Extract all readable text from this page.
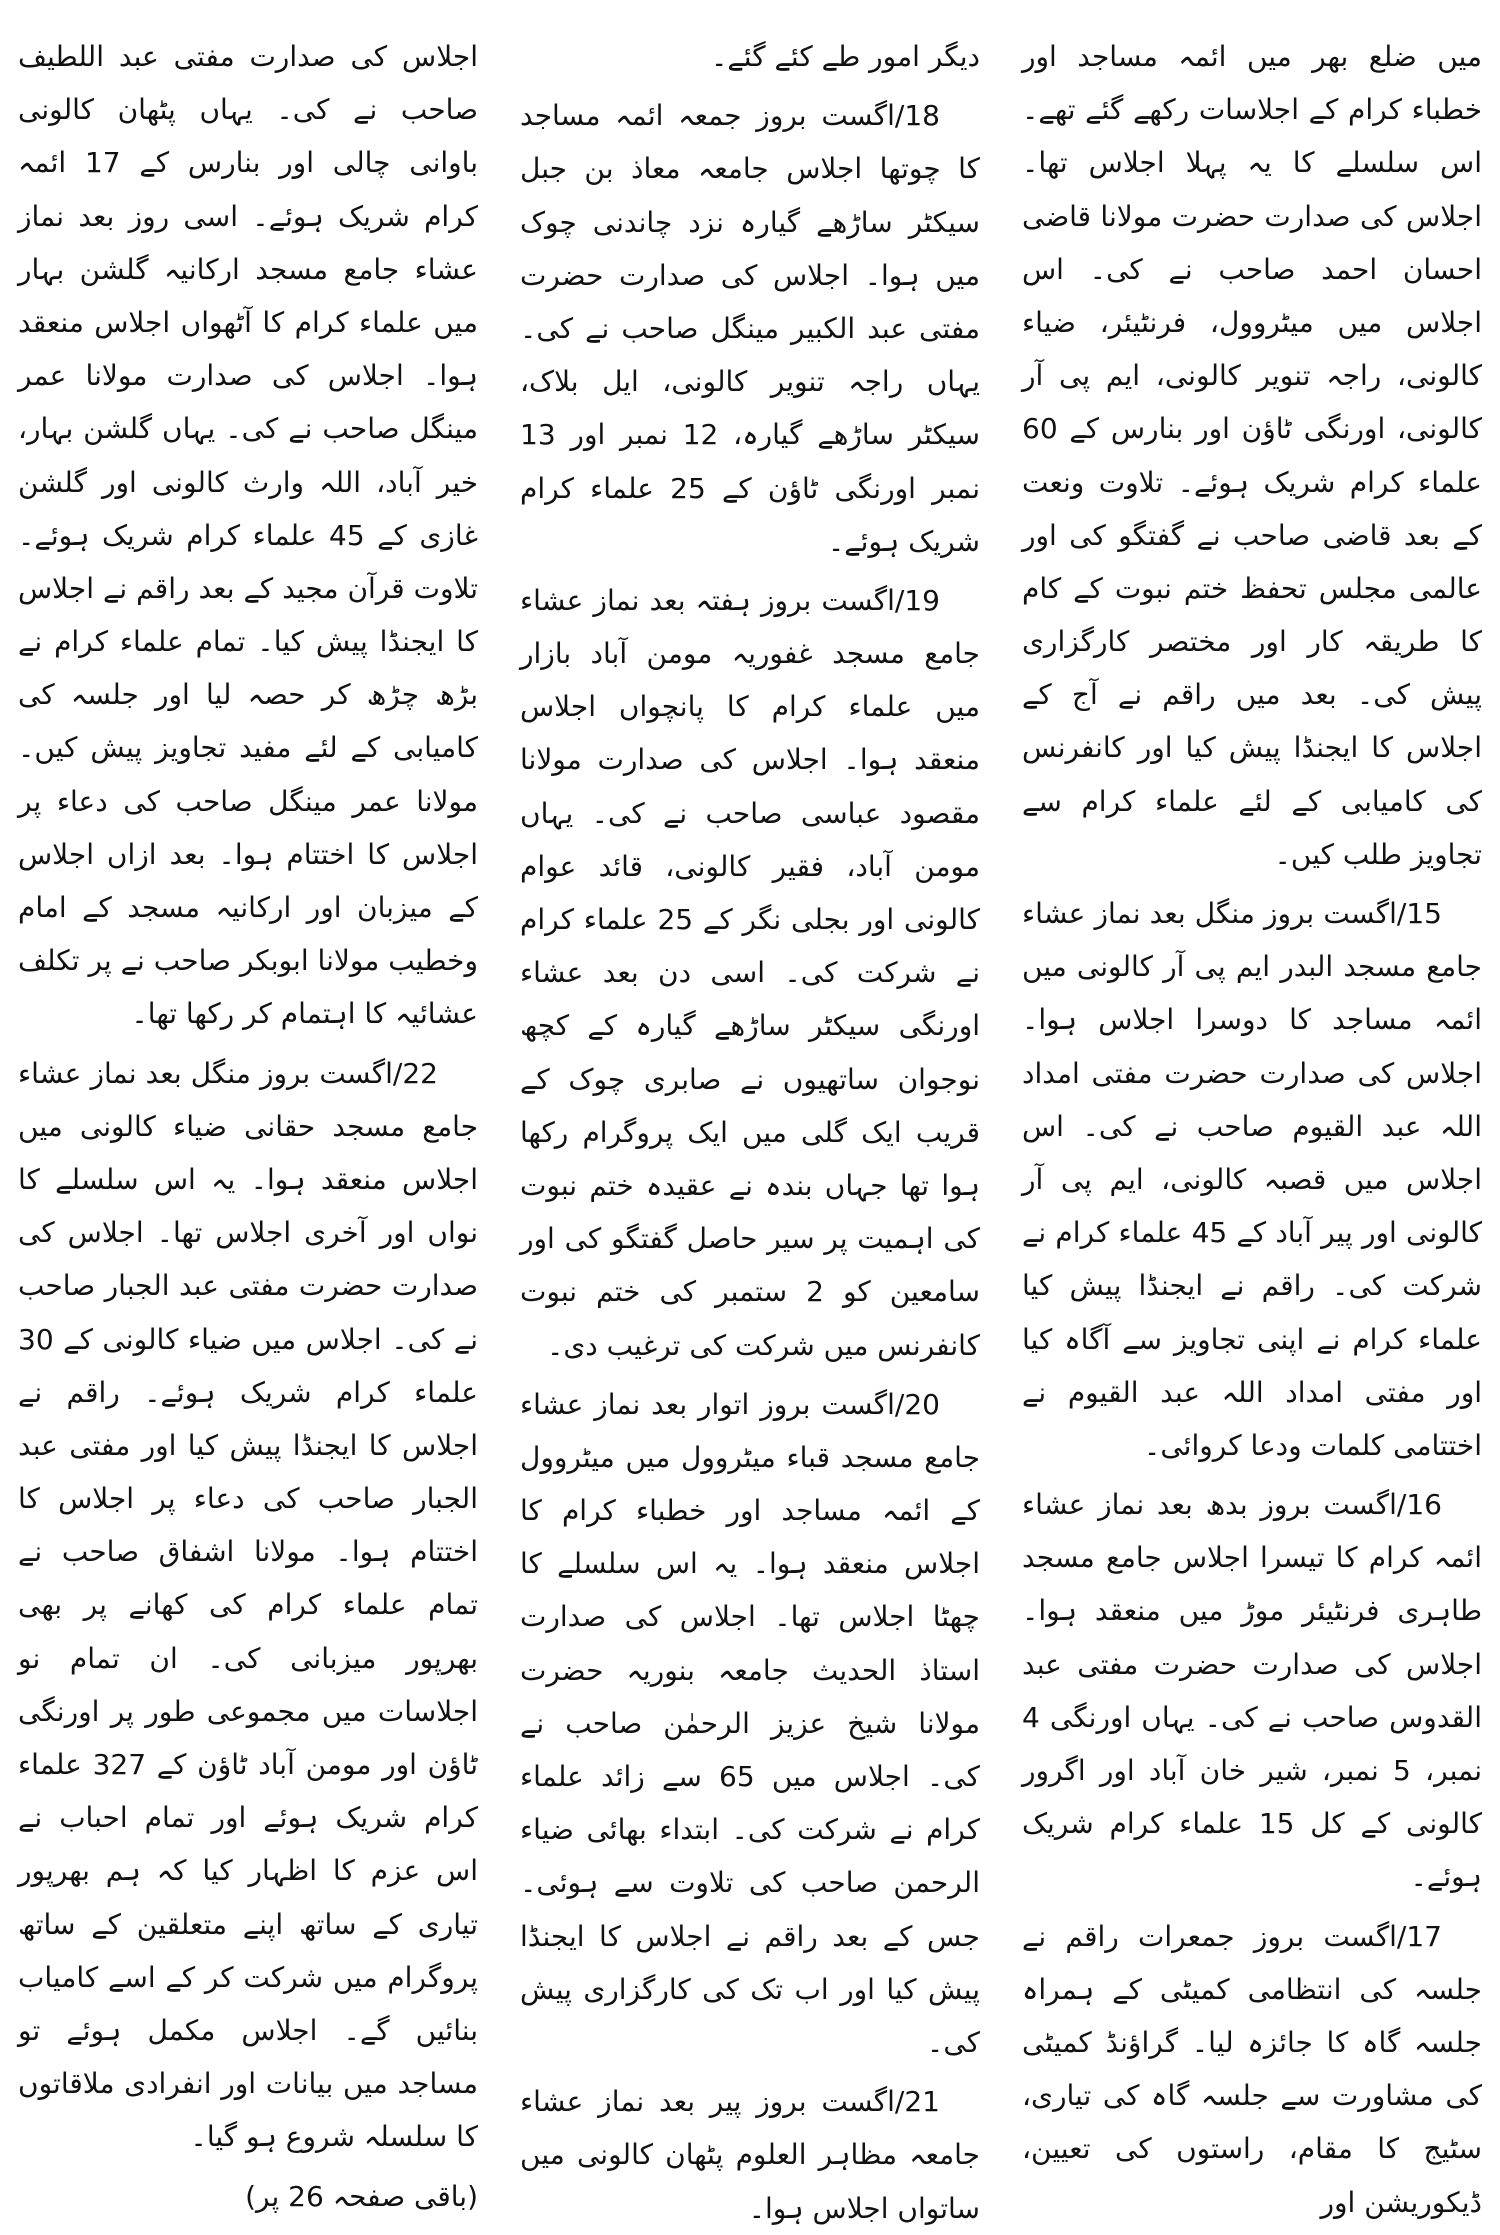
میں ضلع بھر میں ائمہ مساجد اور خطباء کرام کے اجلاسات رکھے گئے تھے۔ اس سلسلے کا یہ پہلا اجلاس تھا۔ اجلاس کی صدارت حضرت مولانا قاضی احسان احمد صاحب نے کی۔ اس اجلاس میں میٹروول، فرنٹیئر، ضیاء کالونی، راجہ تنویر کالونی، ایم پی آر کالونی، اورنگی ٹاؤن اور بنارس کے 60 علماء کرام شریک ہوئے۔ تلاوت ونعت کے بعد قاضی صاحب نے گفتگو کی اور عالمی مجلس تحفظ ختم نبوت کے کام کا طریقہ کار اور مختصر کارگزاری پیش کی۔ بعد میں راقم نے آج کے اجلاس کا ایجنڈا پیش کیا اور کانفرنس کی کامیابی کے لئے علماء کرام سے تجاویز طلب کیں۔

15/اگست بروز منگل بعد نماز عشاء جامع مسجد البدر ایم پی آر کالونی میں ائمہ مساجد کا دوسرا اجلاس ہوا۔ اجلاس کی صدارت حضرت مفتی امداد اللہ عبد القیوم صاحب نے کی۔ اس اجلاس میں قصبہ کالونی، ایم پی آر کالونی اور پیر آباد کے 45 علماء کرام نے شرکت کی۔ راقم نے ایجنڈا پیش کیا علماء کرام نے اپنی تجاویز سے آگاہ کیا اور مفتی امداد اللہ عبد القیوم نے اختتامی کلمات ودعا کروائی۔

16/اگست بروز بدھ بعد نماز عشاء ائمہ کرام کا تیسرا اجلاس جامع مسجد طاہری فرنٹیئر موڑ میں منعقد ہوا۔ اجلاس کی صدارت حضرت مفتی عبد القدوس صاحب نے کی۔ یہاں اورنگی 4 نمبر، 5 نمبر، شیر خان آباد اور اگرور کالونی کے کل 15 علماء کرام شریک ہوئے۔

17/اگست بروز جمعرات راقم نے جلسہ کی انتظامی کمیٹی کے ہمراہ جلسہ گاہ کا جائزہ لیا۔ گراؤنڈ کمیٹی کی مشاورت سے جلسہ گاہ کی تیاری، سٹیج کا مقام، راستوں کی تعیین، ڈیکوریشن اور

دیگر امور طے کئے گئے۔

18/اگست بروز جمعہ ائمہ مساجد کا چوتھا اجلاس جامعہ معاذ بن جبل سیکٹر ساڑھے گیارہ نزد چاندنی چوک میں ہوا۔ اجلاس کی صدارت حضرت مفتی عبد الکبیر مینگل صاحب نے کی۔ یہاں راجہ تنویر کالونی، ایل بلاک، سیکٹر ساڑھے گیارہ، 12 نمبر اور 13 نمبر اورنگی ٹاؤن کے 25 علماء کرام شریک ہوئے۔

19/اگست بروز ہفتہ بعد نماز عشاء جامع مسجد غفوریہ مومن آباد بازار میں علماء کرام کا پانچواں اجلاس منعقد ہوا۔ اجلاس کی صدارت مولانا مقصود عباسی صاحب نے کی۔ یہاں مومن آباد، فقیر کالونی، قائد عوام کالونی اور بجلی نگر کے 25 علماء کرام نے شرکت کی۔ اسی دن بعد عشاء اورنگی سیکٹر ساڑھے گیارہ کے کچھ نوجوان ساتھیوں نے صابری چوک کے قریب ایک گلی میں ایک پروگرام رکھا ہوا تھا جہاں بندہ نے عقیدہ ختم نبوت کی اہمیت پر سیر حاصل گفتگو کی اور سامعین کو 2 ستمبر کی ختم نبوت کانفرنس میں شرکت کی ترغیب دی۔

20/اگست بروز اتوار بعد نماز عشاء جامع مسجد قباء میٹروول میں میٹروول کے ائمہ مساجد اور خطباء کرام کا اجلاس منعقد ہوا۔ یہ اس سلسلے کا چھٹا اجلاس تھا۔ اجلاس کی صدارت استاذ الحدیث جامعہ بنوریہ حضرت مولانا شیخ عزیز الرحمٰن صاحب نے کی۔ اجلاس میں 65 سے زائد علماء کرام نے شرکت کی۔ ابتداء بھائی ضیاء الرحمن صاحب کی تلاوت سے ہوئی۔ جس کے بعد راقم نے اجلاس کا ایجنڈا پیش کیا اور اب تک کی کارگزاری پیش کی۔

21/اگست بروز پیر بعد نماز عشاء جامعہ مظاہر العلوم پٹھان کالونی میں ساتواں اجلاس ہوا۔

اجلاس کی صدارت مفتی عبد اللطیف صاحب نے کی۔ یہاں پٹھان کالونی باوانی چالی اور بنارس کے 17 ائمہ کرام شریک ہوئے۔ اسی روز بعد نماز عشاء جامع مسجد ارکانیہ گلشن بہار میں علماء کرام کا آٹھواں اجلاس منعقد ہوا۔ اجلاس کی صدارت مولانا عمر مینگل صاحب نے کی۔ یہاں گلشن بہار، خیر آباد، اللہ وارث کالونی اور گلشن غازی کے 45 علماء کرام شریک ہوئے۔ تلاوت قرآن مجید کے بعد راقم نے اجلاس کا ایجنڈا پیش کیا۔ تمام علماء کرام نے بڑھ چڑھ کر حصہ لیا اور جلسہ کی کامیابی کے لئے مفید تجاویز پیش کیں۔ مولانا عمر مینگل صاحب کی دعاء پر اجلاس کا اختتام ہوا۔ بعد ازاں اجلاس کے میزبان اور ارکانیہ مسجد کے امام وخطیب مولانا ابوبکر صاحب نے پر تکلف عشائیہ کا اہتمام کر رکھا تھا۔

22/اگست بروز منگل بعد نماز عشاء جامع مسجد حقانی ضیاء کالونی میں اجلاس منعقد ہوا۔ یہ اس سلسلے کا نواں اور آخری اجلاس تھا۔ اجلاس کی صدارت حضرت مفتی عبد الجبار صاحب نے کی۔ اجلاس میں ضیاء کالونی کے 30 علماء کرام شریک ہوئے۔ راقم نے اجلاس کا ایجنڈا پیش کیا اور مفتی عبد الجبار صاحب کی دعاء پر اجلاس کا اختتام ہوا۔ مولانا اشفاق صاحب نے تمام علماء کرام کی کھانے پر بھی بھرپور میزبانی کی۔ ان تمام نو اجلاسات میں مجموعی طور پر اورنگی ٹاؤن اور مومن آباد ٹاؤن کے 327 علماء کرام شریک ہوئے اور تمام احباب نے اس عزم کا اظہار کیا کہ ہم بھرپور تیاری کے ساتھ اپنے متعلقین کے ساتھ پروگرام میں شرکت کر کے اسے کامیاب بنائیں گے۔ اجلاس مکمل ہوئے تو مساجد میں بیانات اور انفرادی ملاقاتوں کا سلسلہ شروع ہو گیا۔

(باقی صفحہ 26 پر)
